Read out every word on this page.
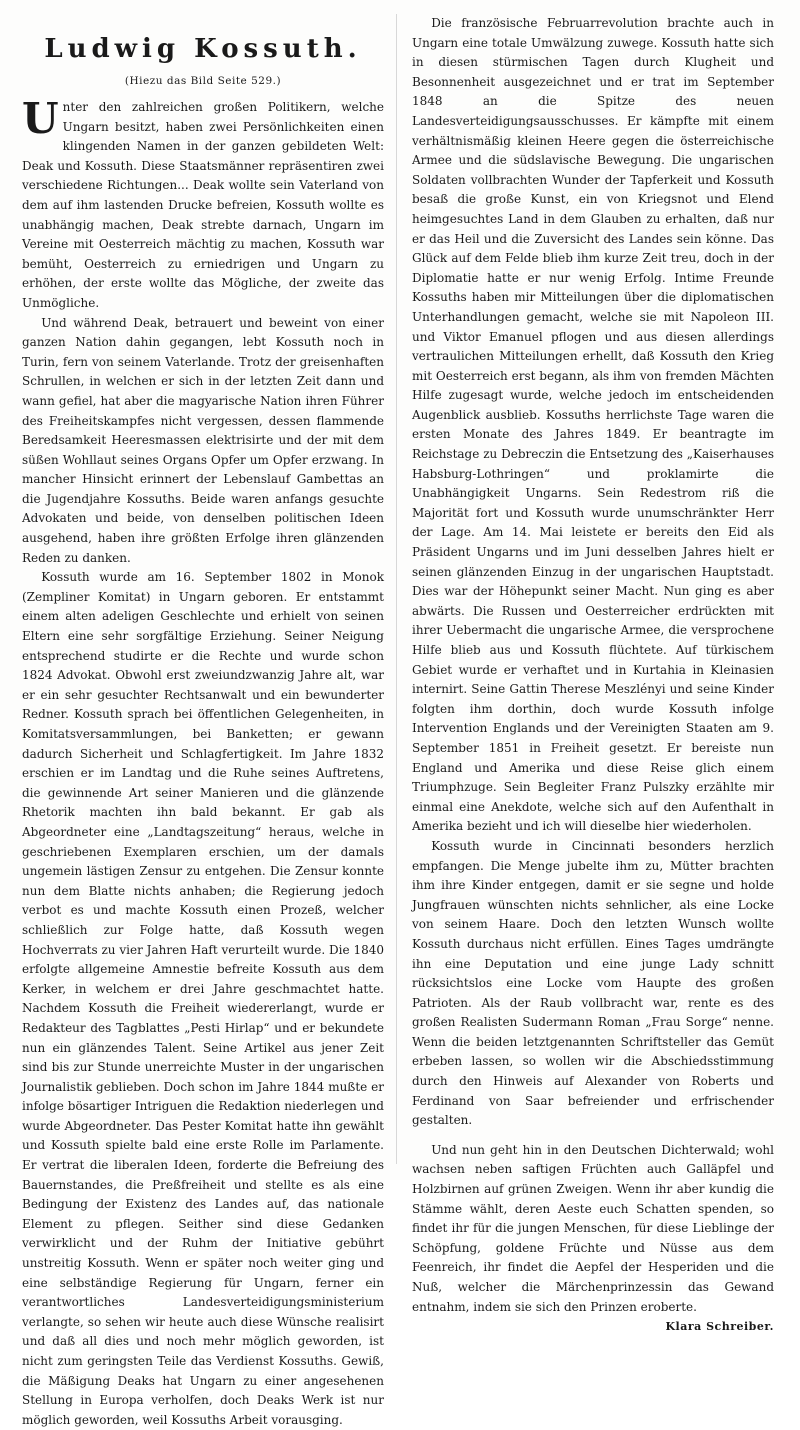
Ludwig Kossuth.
(Hiezu das Bild Seite 529.)

Unter den zahlreichen großen Politikern, welche Ungarn besitzt, haben zwei Persönlichkeiten einen klingenden Namen in der ganzen gebildeten Welt: Deak und Kossuth. Diese Staatsmänner repräsentiren zwei verschiedene Richtungen... Deak wollte sein Vaterland von dem auf ihm lastenden Drucke befreien, Kossuth wollte es unabhängig machen, Deak strebte darnach, Ungarn im Vereine mit Oesterreich mächtig zu machen, Kossuth war bemüht, Oesterreich zu erniedrigen und Ungarn zu erhöhen, der erste wollte das Mögliche, der zweite das Unmögliche.

Und während Deak, betrauert und beweint von einer ganzen Nation dahin gegangen, lebt Kossuth noch in Turin, fern von seinem Vaterlande. Trotz der greisenhaften Schrullen, in welchen er sich in der letzten Zeit dann und wann gefiel, hat aber die magyarische Nation ihren Führer des Freiheitskampfes nicht vergessen, dessen flammende Beredsamkeit Heeresmassen elektrisirte und der mit dem süßen Wohllaut seines Organs Opfer um Opfer erzwang. In mancher Hinsicht erinnert der Lebenslauf Gambettas an die Jugendjahre Kossuths. Beide waren anfangs gesuchte Advokaten und beide, von denselben politischen Ideen ausgehend, haben ihre größten Erfolge ihren glänzenden Reden zu danken.

Kossuth wurde am 16. September 1802 in Monok (Zempliner Komitat) in Ungarn geboren. Er entstammt einem alten adeligen Geschlechte und erhielt von seinen Eltern eine sehr sorgfältige Erziehung. Seiner Neigung entsprechend studirte er die Rechte und wurde schon 1824 Advokat. Obwohl erst zweiundzwanzig Jahre alt, war er ein sehr gesuchter Rechtsanwalt und ein bewunderter Redner. Kossuth sprach bei öffentlichen Gelegenheiten, in Komitatsversammlungen, bei Banketten; er gewann dadurch Sicherheit und Schlagfertigkeit. Im Jahre 1832 erschien er im Landtag und die Ruhe seines Auftretens, die gewinnende Art seiner Manieren und die glänzende Rhetorik machten ihn bald bekannt. Er gab als Abgeordneter eine „Landtagszeitung“ heraus, welche in geschriebenen Exemplaren erschien, um der damals ungemein lästigen Zensur zu entgehen. Die Zensur konnte nun dem Blatte nichts anhaben; die Regierung jedoch verbot es und machte Kossuth einen Prozeß, welcher schließlich zur Folge hatte, daß Kossuth wegen Hochverrats zu vier Jahren Haft verurteilt wurde. Die 1840 erfolgte allgemeine Amnestie befreite Kossuth aus dem Kerker, in welchem er drei Jahre geschmachtet hatte. Nachdem Kossuth die Freiheit wiedererlangt, wurde er Redakteur des Tagblattes „Pesti Hirlap“ und er bekundete nun ein glänzendes Talent. Seine Artikel aus jener Zeit sind bis zur Stunde unerreichte Muster in der ungarischen Journalistik geblieben. Doch schon im Jahre 1844 mußte er infolge bösartiger Intriguen die Redaktion niederlegen und wurde Abgeordneter. Das Pester Komitat hatte ihn gewählt und Kossuth spielte bald eine erste Rolle im Parlamente. Er vertrat die liberalen Ideen, forderte die Befreiung des Bauernstandes, die Preßfreiheit und stellte es als eine Bedingung der Existenz des Landes auf, das nationale Element zu pflegen. Seither sind diese Gedanken verwirklicht und der Ruhm der Initiative gebührt unstreitig Kossuth. Wenn er später noch weiter ging und eine selbständige Regierung für Ungarn, ferner ein verantwortliches Landesverteidigungsministerium verlangte, so sehen wir heute auch diese Wünsche realisirt und daß all dies und noch mehr möglich geworden, ist nicht zum geringsten Teile das Verdienst Kossuths. Gewiß, die Mäßigung Deaks hat Ungarn zu einer angesehenen Stellung in Europa verholfen, doch Deaks Werk ist nur möglich geworden, weil Kossuths Arbeit vorausging.

Die französische Februarrevolution brachte auch in Ungarn eine totale Umwälzung zuwege. Kossuth hatte sich in diesen stürmischen Tagen durch Klugheit und Besonnenheit ausgezeichnet und er trat im September 1848 an die Spitze des neuen Landesverteidigungsausschusses. Er kämpfte mit einem verhältnismäßig kleinen Heere gegen die österreichische Armee und die südslavische Bewegung. Die ungarischen Soldaten vollbrachten Wunder der Tapferkeit und Kossuth besaß die große Kunst, ein von Kriegsnot und Elend heimgesuchtes Land in dem Glauben zu erhalten, daß nur er das Heil und die Zuversicht des Landes sein könne. Das Glück auf dem Felde blieb ihm kurze Zeit treu, doch in der Diplomatie hatte er nur wenig Erfolg. Intime Freunde Kossuths haben mir Mitteilungen über die diplomatischen Unterhandlungen gemacht, welche sie mit Napoleon III. und Viktor Emanuel pflogen und aus diesen allerdings vertraulichen Mitteilungen erhellt, daß Kossuth den Krieg mit Oesterreich erst begann, als ihm von fremden Mächten Hilfe zugesagt wurde, welche jedoch im entscheidenden Augenblick ausblieb. Kossuths herrlichste Tage waren die ersten Monate des Jahres 1849. Er beantragte im Reichstage zu Debreczin die Entsetzung des „Kaiserhauses Habsburg-Lothringen“ und proklamirte die Unabhängigkeit Ungarns. Sein Redestrom riß die Majorität fort und Kossuth wurde unumschränkter Herr der Lage. Am 14. Mai leistete er bereits den Eid als Präsident Ungarns und im Juni desselben Jahres hielt er seinen glänzenden Einzug in der ungarischen Hauptstadt. Dies war der Höhepunkt seiner Macht. Nun ging es aber abwärts. Die Russen und Oesterreicher erdrückten mit ihrer Uebermacht die ungarische Armee, die versprochene Hilfe blieb aus und Kossuth flüchtete. Auf türkischem Gebiet wurde er verhaftet und in Kurtahia in Kleinasien internirt. Seine Gattin Therese Meszlényi und seine Kinder folgten ihm dorthin, doch wurde Kossuth infolge Intervention Englands und der Vereinigten Staaten am 9. September 1851 in Freiheit gesetzt. Er bereiste nun England und Amerika und diese Reise glich einem Triumphzuge. Sein Begleiter Franz Pulszky erzählte mir einmal eine Anekdote, welche sich auf den Aufenthalt in Amerika bezieht und ich will dieselbe hier wiederholen.

Kossuth wurde in Cincinnati besonders herzlich empfangen. Die Menge jubelte ihm zu, Mütter brachten ihm ihre Kinder entgegen, damit er sie segne und holde Jungfrauen wünschten nichts sehnlicher, als eine Locke von seinem Haare. Doch den letzten Wunsch wollte Kossuth durchaus nicht erfüllen. Eines Tages umdrängte ihn eine Deputation und eine junge Lady schnitt rücksichtslos eine Locke vom Haupte des großen Patrioten. Als der Raub vollbracht war, rente es des großen Realisten Sudermann Roman „Frau Sorge“ nenne. Wenn die beiden letztgenannten Schriftsteller das Gemüt erbeben lassen, so wollen wir die Abschiedsstimmung durch den Hinweis auf Alexander von Roberts und Ferdinand von Saar befreiender und erfrischender gestalten.

Und nun geht hin in den Deutschen Dichterwald; wohl wachsen neben saftigen Früchten auch Galläpfel und Holzbirnen auf grünen Zweigen. Wenn ihr aber kundig die Stämme wählt, deren Aeste euch Schatten spenden, so findet ihr für die jungen Menschen, für diese Lieblinge der Schöpfung, goldene Früchte und Nüsse aus dem Feenreich, ihr findet die Aepfel der Hesperiden und die Nuß, welcher die Märchenprinzessin das Gewand entnahm, indem sie sich den Prinzen eroberte.
Klara Schreiber.
